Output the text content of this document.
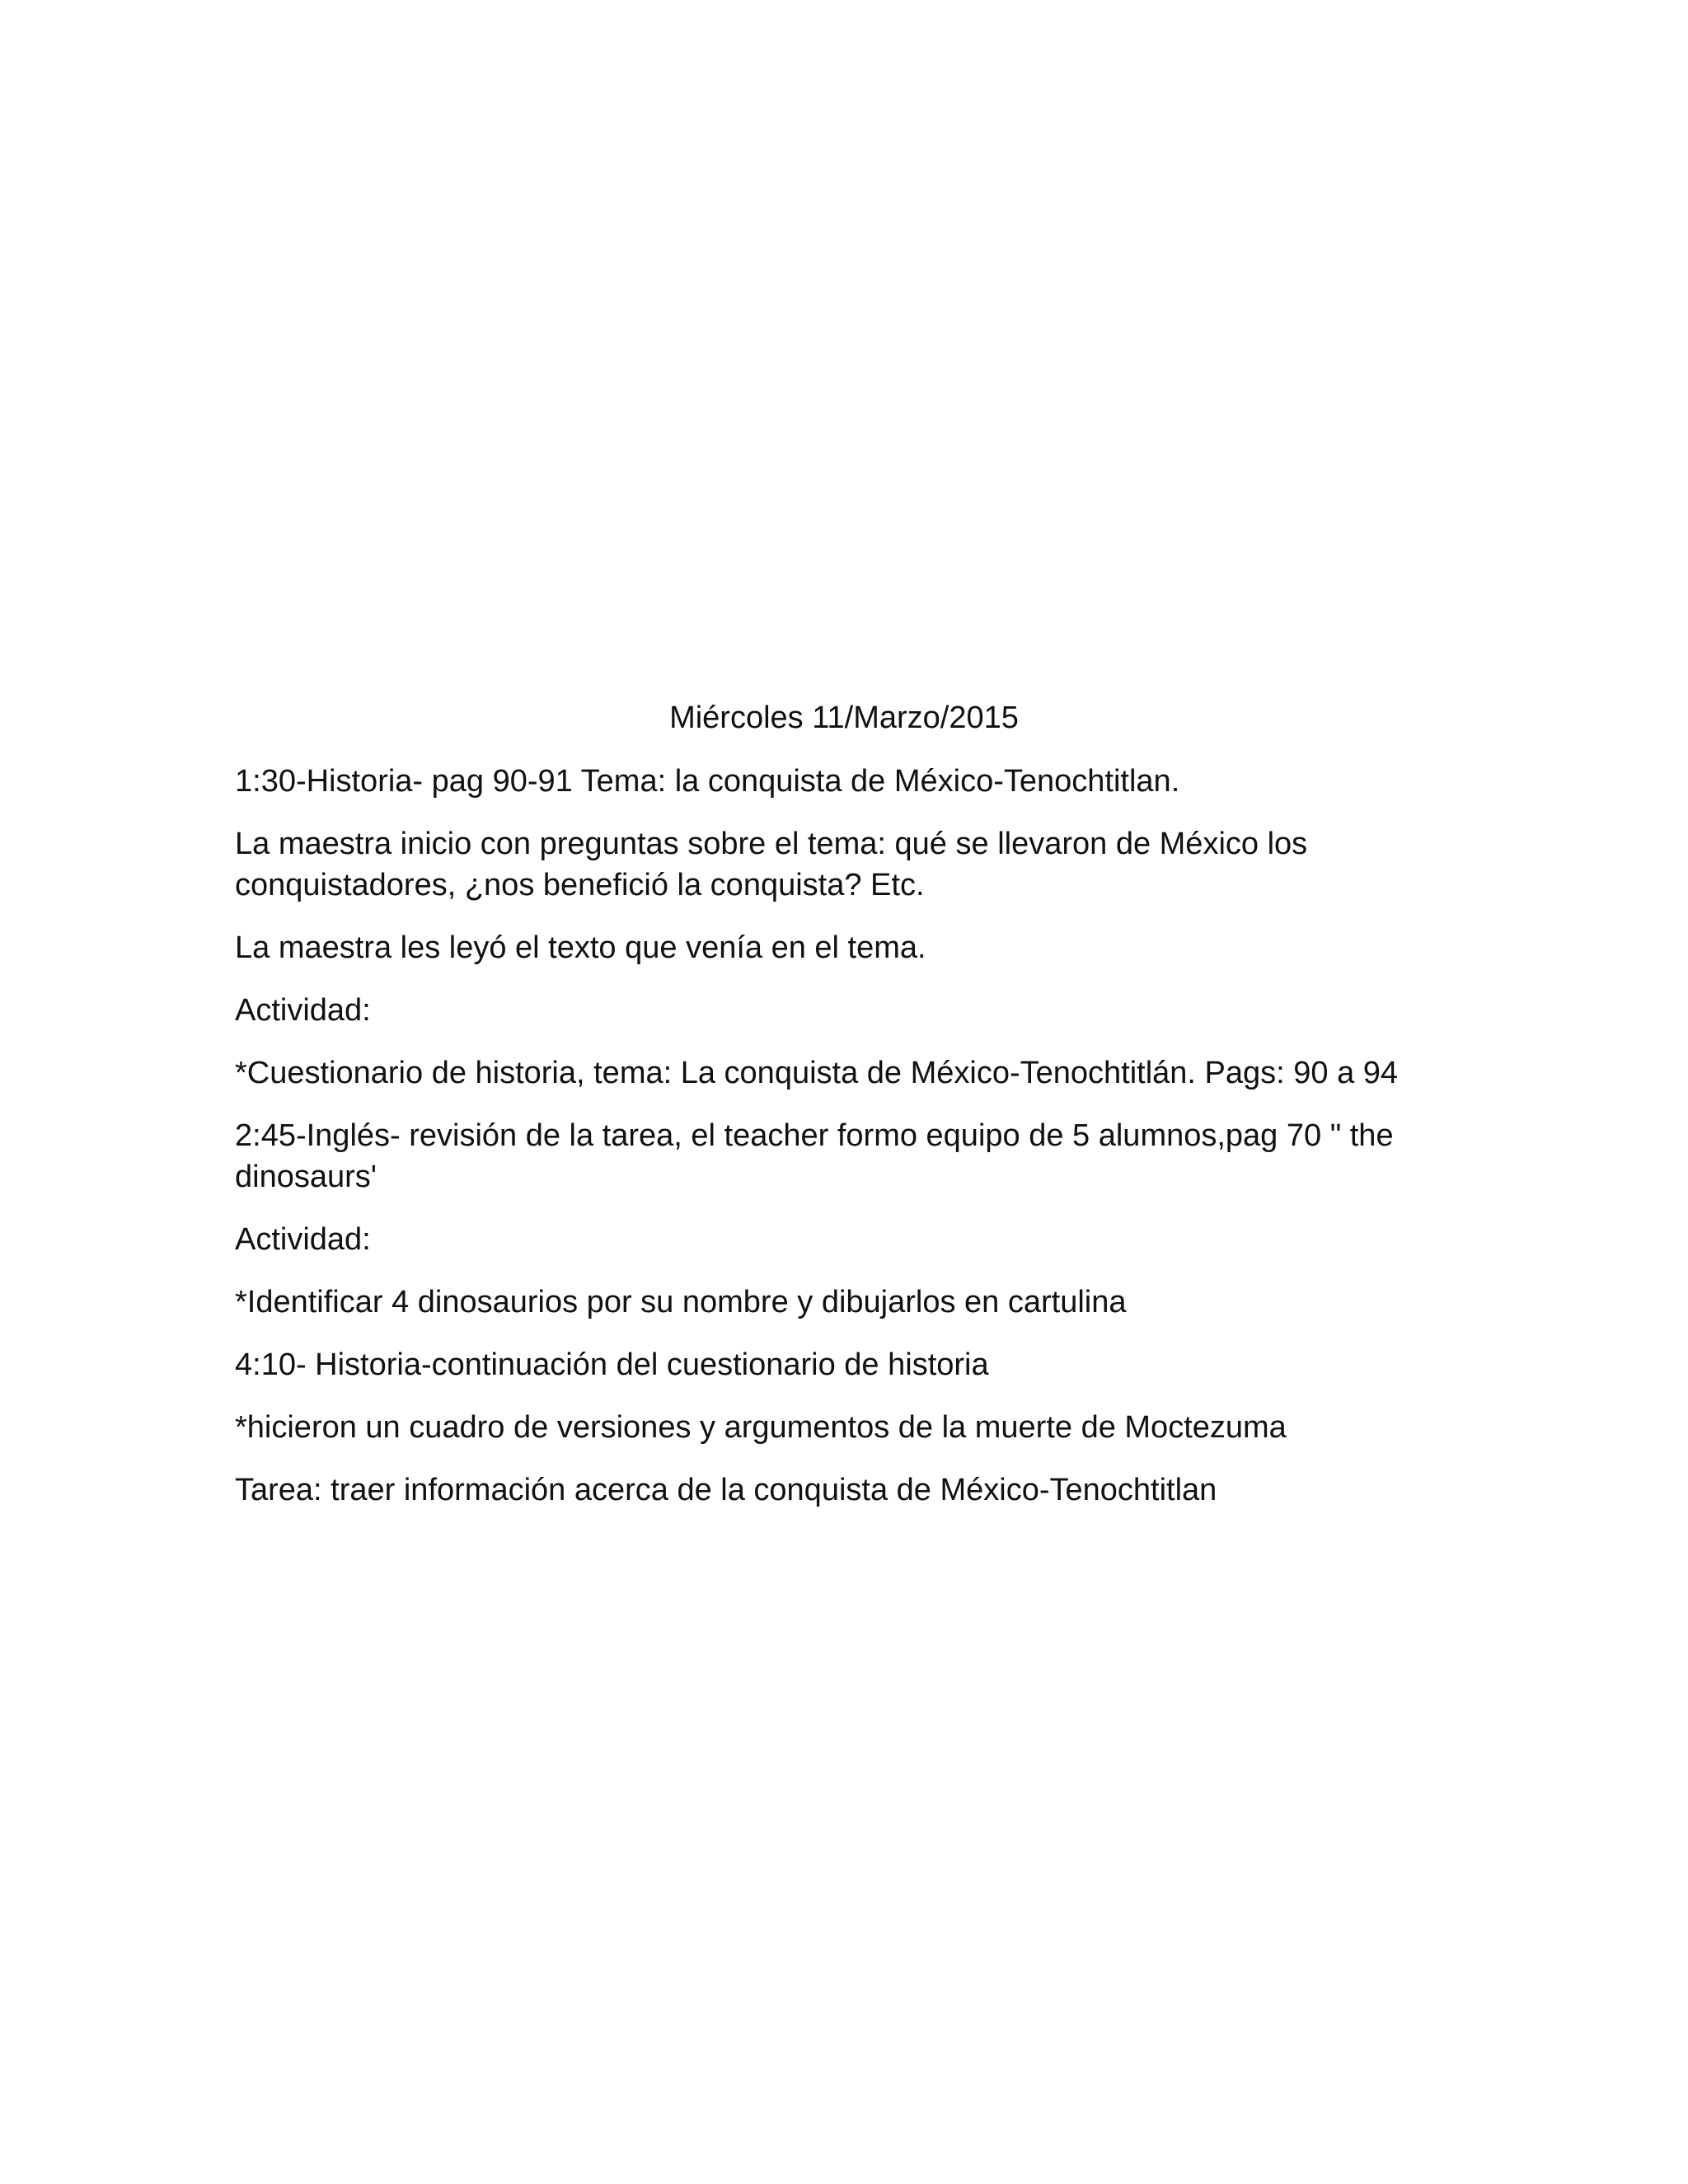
Miércoles 11/Marzo/2015

1:30-Historia- pag 90-91 Tema: la conquista de México-Tenochtitlan.

La maestra inicio con preguntas sobre el tema: qué se llevaron de México los conquistadores, ¿nos benefició la conquista? Etc.

La maestra les leyó el texto que venía en el tema.

Actividad:

*Cuestionario de historia, tema: La conquista de México-Tenochtitlán. Pags: 90 a 94

2:45-Inglés- revisión de la tarea, el teacher formo equipo de 5 alumnos,pag 70 " the dinosaurs'

Actividad:

*Identificar 4 dinosaurios por su nombre y dibujarlos en cartulina

4:10- Historia-continuación del cuestionario de historia

*hicieron un cuadro de versiones y argumentos de la muerte de Moctezuma

Tarea: traer información acerca de la conquista de México-Tenochtitlan
